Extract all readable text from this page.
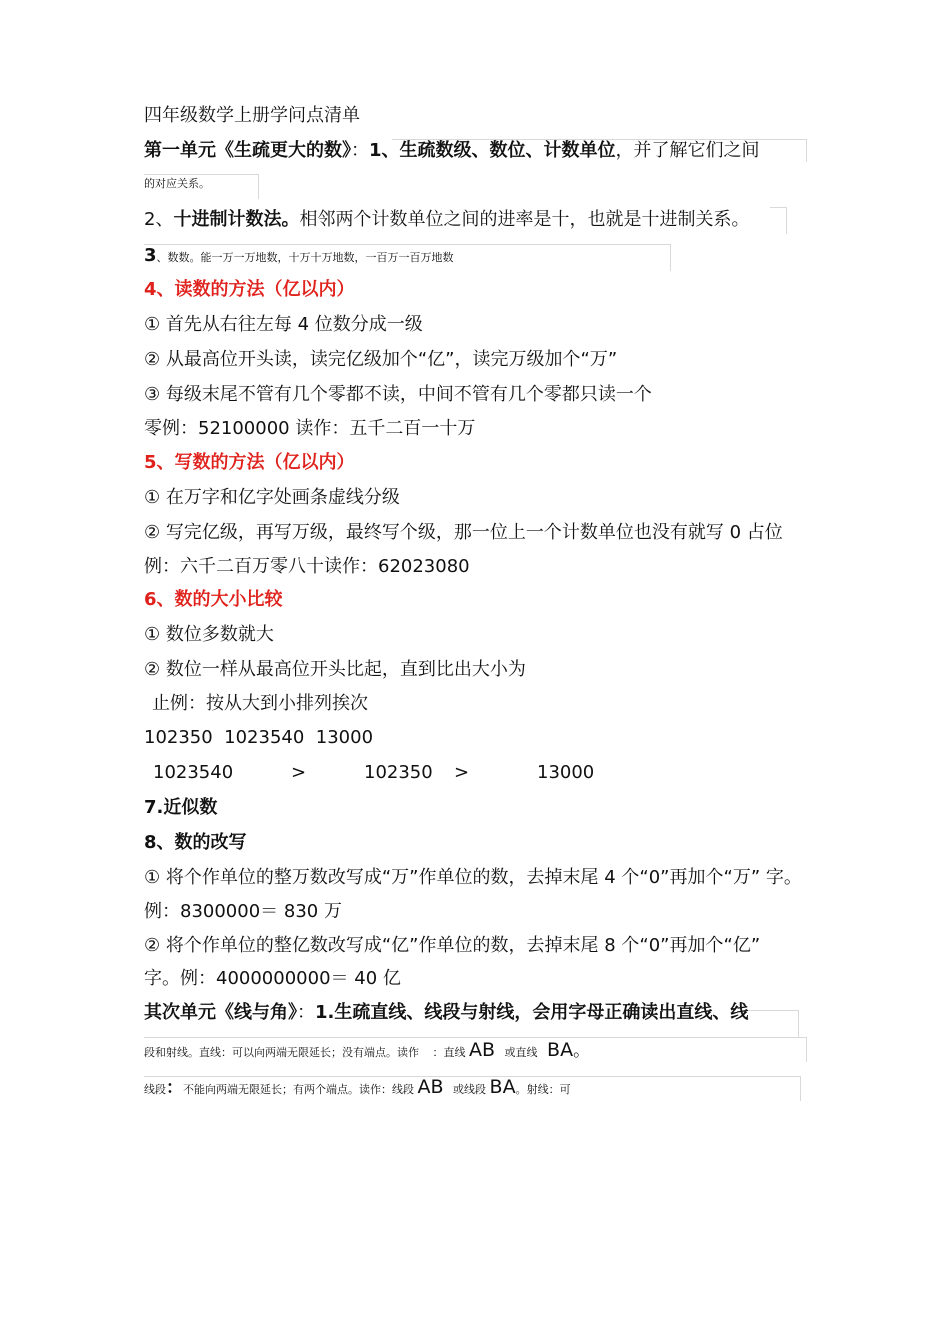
四年级数学上册学问点清单
第一单元《生疏更大的数》：1、生疏数级、数位、计数单位，并了解它们之间
的对应关系。
2、十进制计数法。相邻两个计数单位之间的进率是十，也就是十进制关系。
3、数数。能一万一万地数，十万十万地数，一百万一百万地数
4、读数的方法（亿以内）
① 首先从右往左每 4 位数分成一级
② 从最高位开头读，读完亿级加个“亿”，读完万级加个“万”
③ 每级末尾不管有几个零都不读，中间不管有几个零都只读一个
零例：52100000 读作：五千二百一十万
5、写数的方法（亿以内）
① 在万字和亿字处画条虚线分级
② 写完亿级，再写万级，最终写个级，那一位上一个计数单位也没有就写 0 占位
例：六千二百万零八十读作：62023080
6、数的大小比较
① 数位多数就大
② 数位一样从最高位开头比起，直到比出大小为
止例：按从大到小排列挨次
102350  1023540  13000
1023540	>	102350 >	13000
7.近似数
8、数的改写
① 将个作单位的整万数改写成“万”作单位的数，去掉末尾 4 个“0”再加个“万” 字。
例：8300000＝ 830 万
② 将个作单位的整亿数改写成“亿”作单位的数，去掉末尾 8 个“0”再加个“亿”
字。例：4000000000＝ 40 亿
其次单元《线与角》：1.生疏直线、线段与射线，会用字母正确读出直线、线
段和射线。直线：可以向两端无限延长；没有端点。读作 ：直线 AB 或直线 BA。
线段：不能向两端无限延长；有两个端点。读作：线段 AB 或线段 BA。射线：可
